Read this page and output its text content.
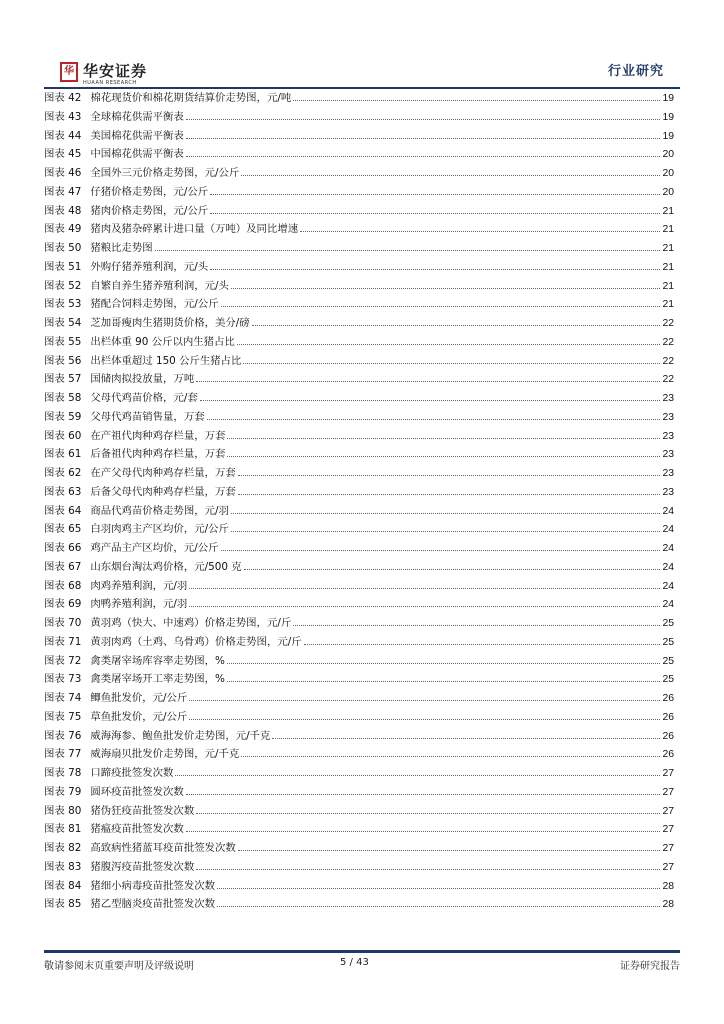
华 华安证券
HUAAN RESEARCH
行业研究
图表 42 棉花现货价和棉花期货结算价走势图，元/吨	19
图表 43 全球棉花供需平衡表	19
图表 44 美国棉花供需平衡表	19
图表 45 中国棉花供需平衡表	20
图表 46 全国外三元价格走势图，元/公斤	20
图表 47 仔猪价格走势图，元/公斤	20
图表 48 猪肉价格走势图，元/公斤	21
图表 49 猪肉及猪杂碎累计进口量（万吨）及同比增速	21
图表 50 猪粮比走势图	21
图表 51 外购仔猪养殖利润，元/头	21
图表 52 自繁自养生猪养殖利润，元/头	21
图表 53 猪配合饲料走势图，元/公斤	21
图表 54 芝加哥瘦肉生猪期货价格，美分/磅	22
图表 55 出栏体重 90 公斤以内生猪占比	22
图表 56 出栏体重超过 150 公斤生猪占比	22
图表 57 国储肉拟投放量，万吨	22
图表 58 父母代鸡苗价格，元/套	23
图表 59 父母代鸡苗销售量，万套	23
图表 60 在产祖代肉种鸡存栏量，万套	23
图表 61 后备祖代肉种鸡存栏量，万套	23
图表 62 在产父母代肉种鸡存栏量，万套	23
图表 63 后备父母代肉种鸡存栏量，万套	23
图表 64 商品代鸡苗价格走势图，元/羽	24
图表 65 白羽肉鸡主产区均价，元/公斤	24
图表 66 鸡产品主产区均价，元/公斤	24
图表 67 山东烟台淘汰鸡价格，元/500 克	24
图表 68 肉鸡养殖利润，元/羽	24
图表 69 肉鸭养殖利润，元/羽	24
图表 70 黄羽鸡（快大、中速鸡）价格走势图，元/斤	25
图表 71 黄羽肉鸡（土鸡、乌骨鸡）价格走势图，元/斤	25
图表 72 禽类屠宰场库容率走势图，%	25
图表 73 禽类屠宰场开工率走势图，%	25
图表 74 鲫鱼批发价，元/公斤	26
图表 75 草鱼批发价，元/公斤	26
图表 76 威海海参、鲍鱼批发价走势图，元/千克	26
图表 77 威海扇贝批发价走势图，元/千克	26
图表 78 口蹄疫批签发次数	27
图表 79 圆环疫苗批签发次数	27
图表 80 猪伪狂疫苗批签发次数	27
图表 81 猪瘟疫苗批签发次数	27
图表 82 高致病性猪蓝耳疫苗批签发次数	27
图表 83 猪腹泻疫苗批签发次数	27
图表 84 猪细小病毒疫苗批签发次数	28
图表 85 猪乙型脑炎疫苗批签发次数	28
敬请参阅末页重要声明及评级说明	5 / 43	证券研究报告
